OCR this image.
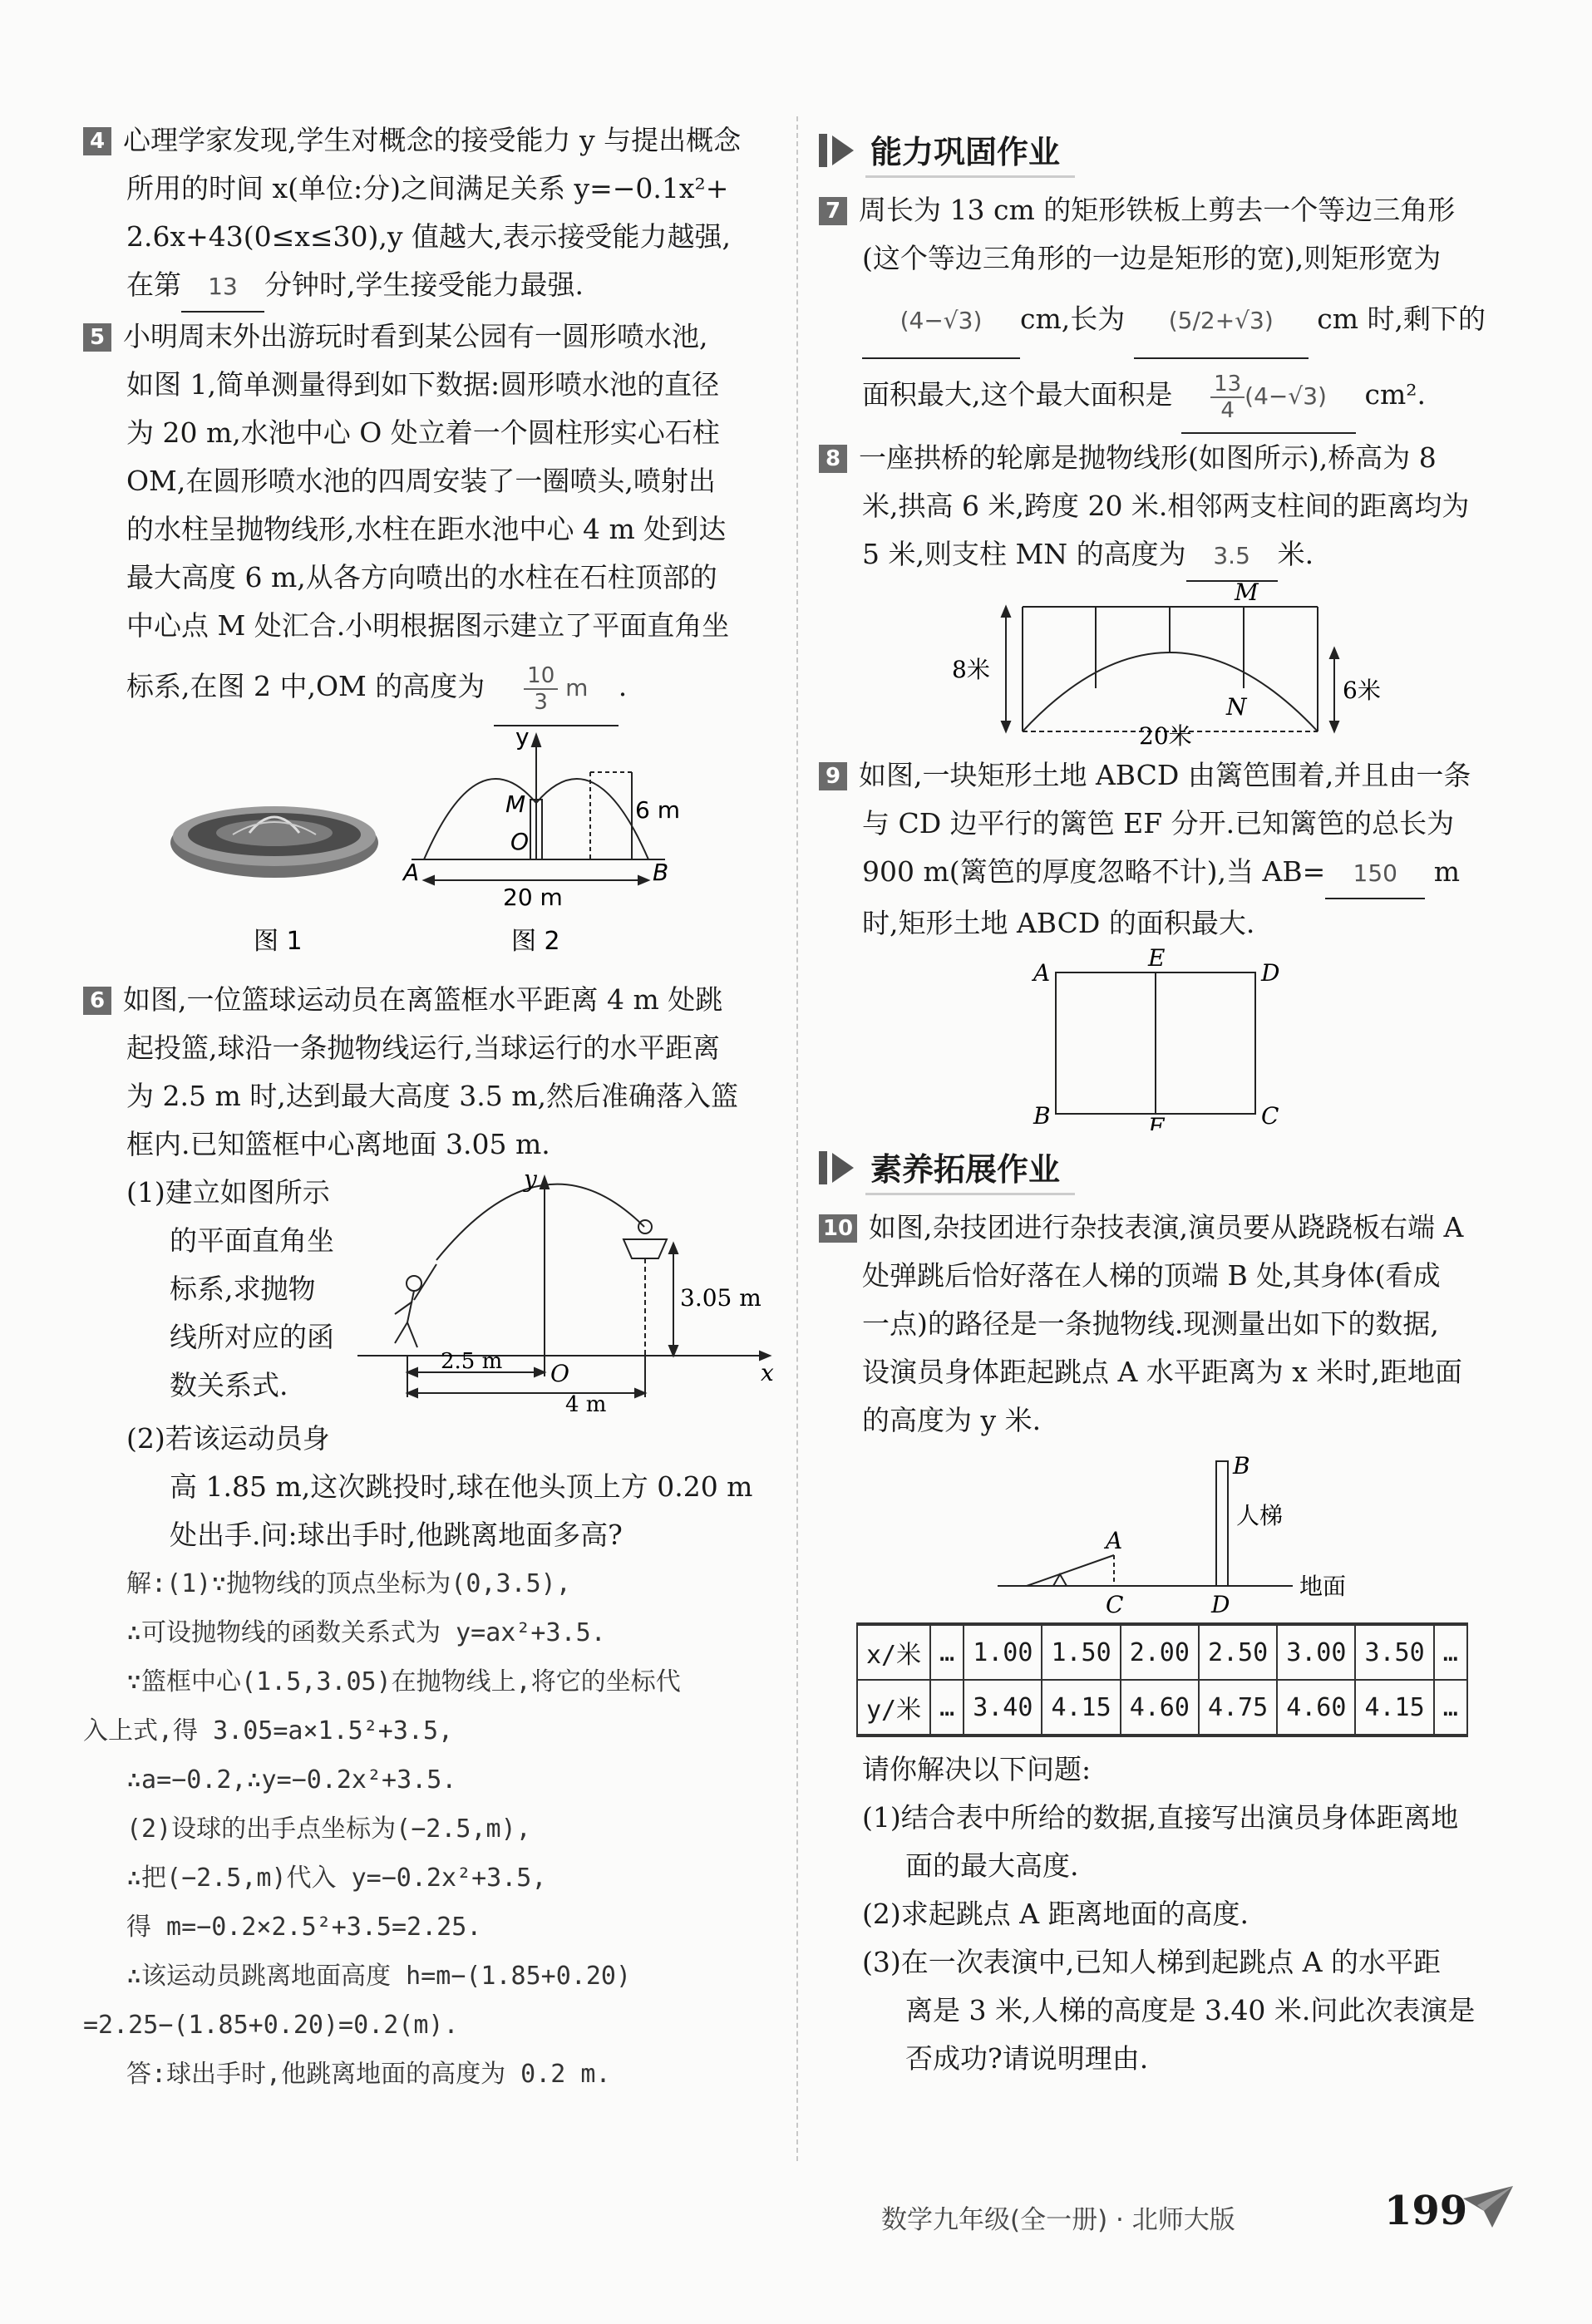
4 心理学家发现,学生对概念的接受能力 y 与提出概念
所用的时间 x(单位:分)之间满足关系 y=−0.1x²+
2.6x+43(0≤x≤30),y 值越大,表示接受能力越强,
在第 13 分钟时,学生接受能力最强.
5 小明周末外出游玩时看到某公园有一圆形喷水池,
如图 1,简单测量得到如下数据:圆形喷水池的直径
为 20 m,水池中心 O 处立着一个圆柱形实心石柱
OM,在圆形喷水池的四周安装了一圈喷头,喷射出
的水柱呈抛物线形,水柱在距水池中心 4 m 处到达
最大高度 6 m,从各方向喷出的水柱在石柱顶部的
中心点 M 处汇合.小明根据图示建立了平面直角坐
标系,在图 2 中,OM 的高度为 $\frac{10}{3}$ m .
y
M
O
A	B
6 m
20 m
图 1	图 2
6 如图,一位篮球运动员在离篮框水平距离 4 m 处跳
起投篮,球沿一条抛物线运行,当球运行的水平距离
为 2.5 m 时,达到最大高度 3.5 m,然后准确落入篮
框内.已知篮框中心离地面 3.05 m.
(1)建立如图所示
的平面直角坐
标系,求抛物
线所对应的函
数关系式.
y
x
O
3.05 m
2.5 m
4 m
(2)若该运动员身
高 1.85 m,这次跳投时,球在他头顶上方 0.20 m
处出手.问:球出手时,他跳离地面多高?
解:(1)∵抛物线的顶点坐标为(0,3.5),
∴可设抛物线的函数关系式为 y=ax²+3.5.
∵篮框中心(1.5,3.05)在抛物线上,将它的坐标代
入上式,得 3.05=a×1.5²+3.5,
∴a=−0.2,∴y=−0.2x²+3.5.
(2)设球的出手点坐标为(−2.5,m),
∴把(−2.5,m)代入 y=−0.2x²+3.5,
得 m=−0.2×2.5²+3.5=2.25.
∴该运动员跳离地面高度 h=m−(1.85+0.20)
=2.25−(1.85+0.20)=0.2(m).
答:球出手时,他跳离地面的高度为 0.2 m.
能力巩固作业
7 周长为 13 cm 的矩形铁板上剪去一个等边三角形
(这个等边三角形的一边是矩形的宽),则矩形宽为
(4−√3) cm,长为 (5/2+√3) cm 时,剩下的
面积最大,这个最大面积是 $\frac{13}{4} (4-√3)$ cm².
8 一座拱桥的轮廓是抛物线形(如图所示),桥高为 8
米,拱高 6 米,跨度 20 米.相邻两支柱间的距离均为
5 米,则支柱 MN 的高度为 3.5 米.
M
N
8米
6米
20米
9 如图,一块矩形土地 ABCD 由篱笆围着,并且由一条
与 CD 边平行的篱笆 EF 分开.已知篱笆的总长为
900 m(篱笆的厚度忽略不计),当 AB= 150 m
时,矩形土地 ABCD 的面积最大.
A
B	C
D
E
F
素养拓展作业
10 如图,杂技团进行杂技表演,演员要从跷跷板右端 A
处弹跳后恰好落在人梯的顶端 B 处,其身体(看成
一点)的路径是一条抛物线.现测量出如下的数据,
设演员身体距起跳点 A 水平距离为 x 米时,距地面
的高度为 y 米.
A
B
C	D
人梯
地面
x/米	…	1.00	1.50	2.00	2.50	3.00	3.50	…
y/米	…	3.40	4.15	4.60	4.75	4.60	4.15	…
请你解决以下问题:
(1)结合表中所给的数据,直接写出演员身体距离地
面的最大高度.
(2)求起跳点 A 距离地面的高度.
(3)在一次表演中,已知人梯到起跳点 A 的水平距
离是 3 米,人梯的高度是 3.40 米.问此次表演是
否成功?请说明理由.
数学九年级(全一册) · 北师大版	199
